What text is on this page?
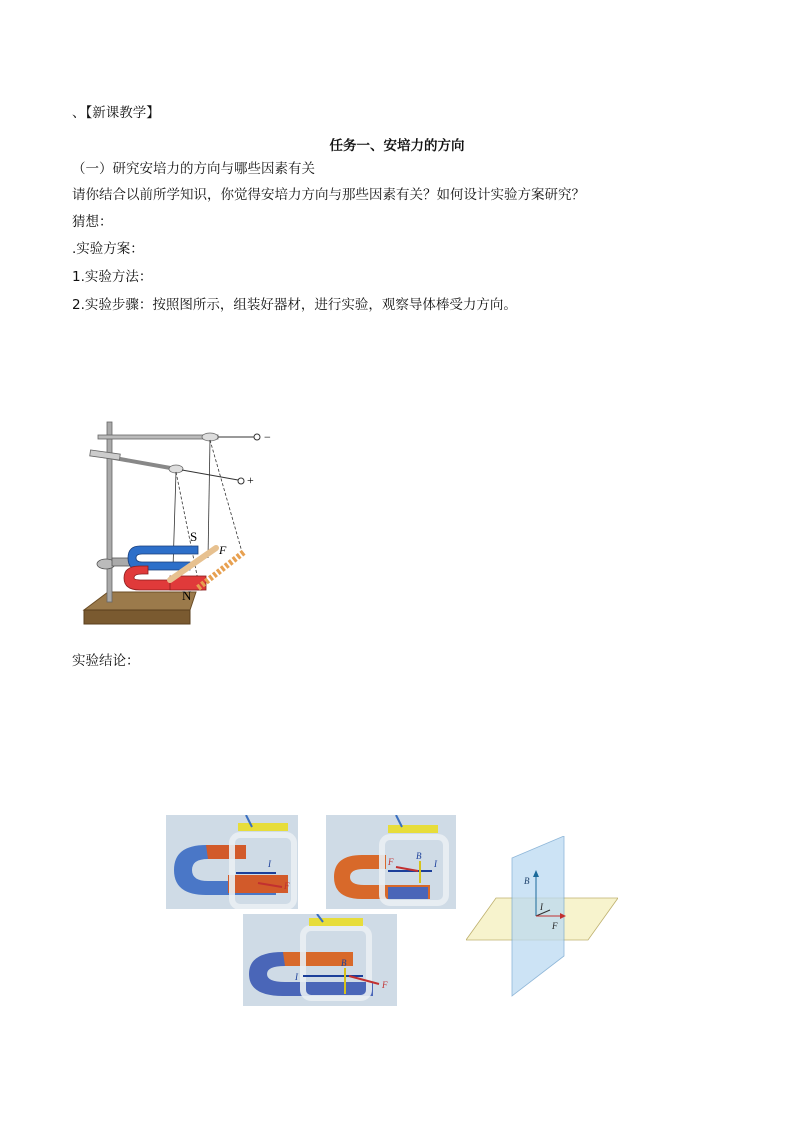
、【新课教学】
任务一、安培力的方向
（一）研究安培力的方向与哪些因素有关
请你结合以前所学知识，你觉得安培力方向与那些因素有关？如何设计实验方案研究？
猜想：
.实验方案：
1.实验方法：
2.实验步骤：按照图所示，组装好器材，进行实验，观察导体棒受力方向。
实验结论：
−
+
S
N
F
I
F
B
I
F
B
I
F
B
I
F
